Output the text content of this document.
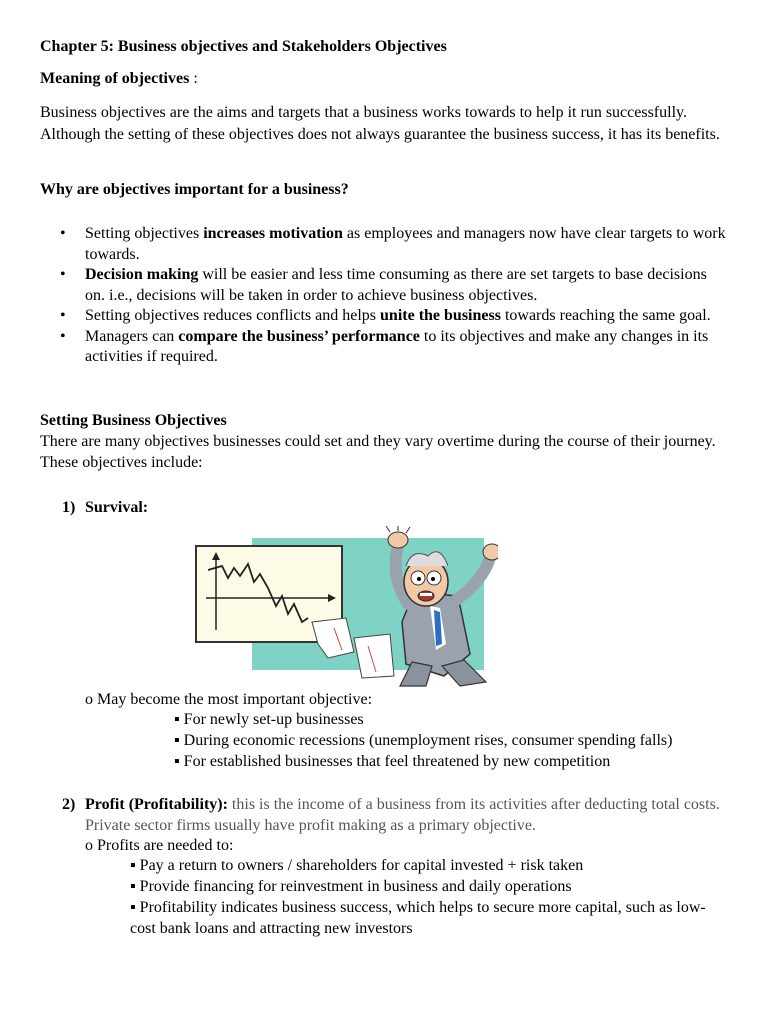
Chapter 5: Business objectives and Stakeholders Objectives
Meaning of objectives :
Business objectives are the aims and targets that a business works towards to help it run successfully. Although the setting of these objectives does not always guarantee the business success, it has its benefits.
Why are objectives important for a business?
• Setting objectives increases motivation as employees and managers now have clear targets to work towards.
• Decision making will be easier and less time consuming as there are set targets to base decisions on. i.e., decisions will be taken in order to achieve business objectives.
• Setting objectives reduces conflicts and helps unite the business towards reaching the same goal.
• Managers can compare the business’ performance to its objectives and make any changes in its activities if required.
Setting Business Objectives
There are many objectives businesses could set and they vary overtime during the course of their journey. These objectives include:
1) Survival:
o May become the most important objective:
▪ For newly set-up businesses
▪ During economic recessions (unemployment rises, consumer spending falls)
▪ For established businesses that feel threatened by new competition
2) Profit (Profitability): this is the income of a business from its activities after deducting total costs. Private sector firms usually have profit making as a primary objective.
o Profits are needed to:
▪ Pay a return to owners / shareholders for capital invested + risk taken
▪ Provide financing for reinvestment in business and daily operations
▪ Profitability indicates business success, which helps to secure more capital, such as low-cost bank loans and attracting new investors
